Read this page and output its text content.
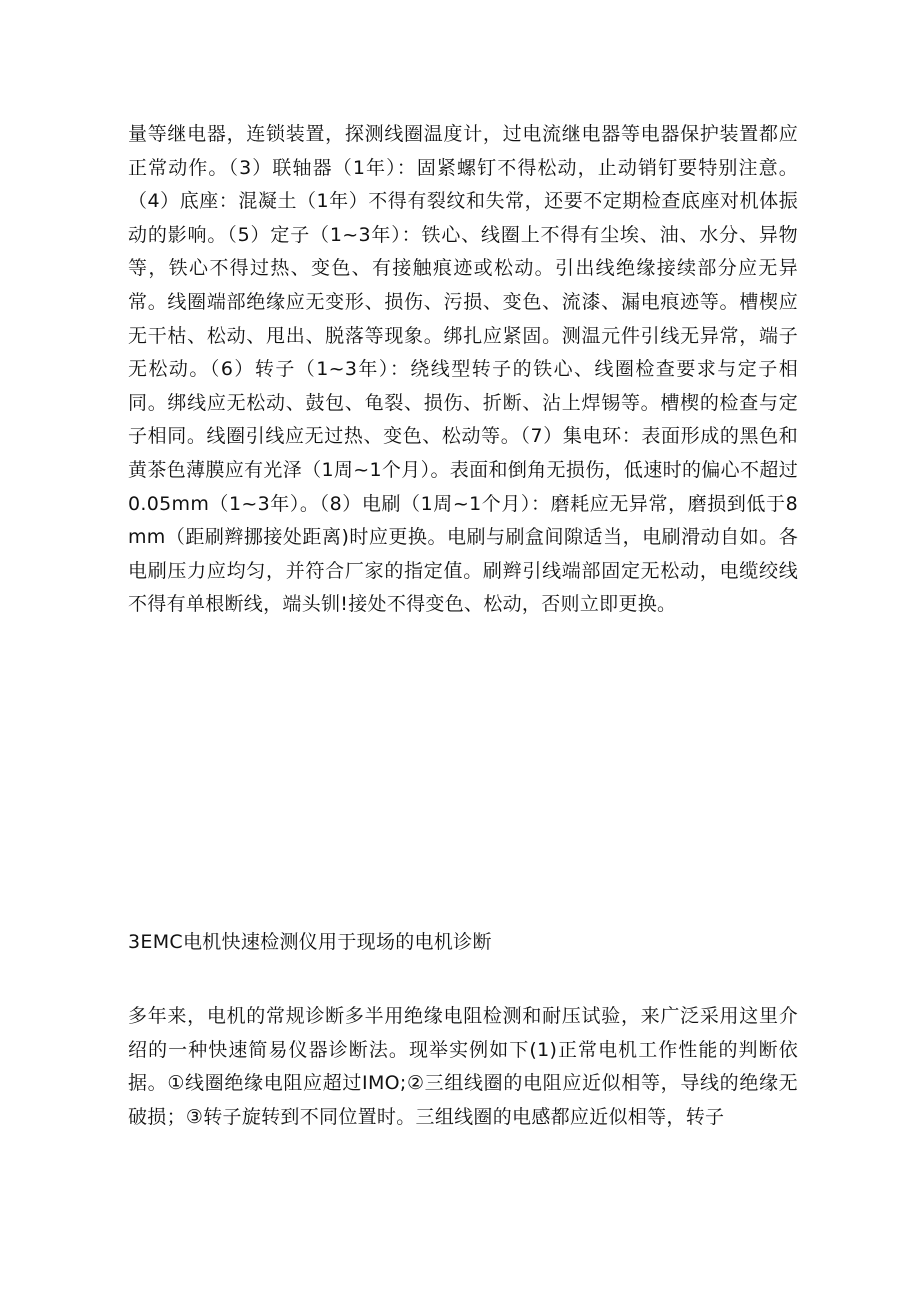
量等继电器，连锁装置，探测线圈温度计，过电流继电器等电器保护装置都应正常动作。（3）联轴器（1年）：固紧螺钉不得松动，止动销钉要特别注意。（4）底座：混凝土（1年）不得有裂纹和失常，还要不定期检查底座对机体振动的影响。（5）定子（1~3年）：铁心、线圈上不得有尘埃、油、水分、异物等，铁心不得过热、变色、有接触痕迹或松动。引出线绝缘接续部分应无异常。线圈端部绝缘应无变形、损伤、污损、变色、流漆、漏电痕迹等。槽楔应无干枯、松动、甩出、脱落等现象。绑扎应紧固。测温元件引线无异常，端子无松动。（6）转子（1~3年）：绕线型转子的铁心、线圈检查要求与定子相同。绑线应无松动、鼓包、龟裂、损伤、折断、沾上焊锡等。槽楔的检查与定子相同。线圈引线应无过热、变色、松动等。（7）集电环：表面形成的黑色和黄茶色薄膜应有光泽（1周~1个月）。表面和倒角无损伤，低速时的偏心不超过0.05mm（1~3年）。（8）电刷（1周~1个月）：磨耗应无异常，磨损到低于8mm（距刷辫挪接处距离)时应更换。电刷与刷盒间隙适当，电刷滑动自如。各电刷压力应均匀，并符合厂家的指定值。刷辫引线端部固定无松动，电缆绞线不得有单根断线，端头钏!接处不得变色、松动，否则立即更换。

3EMC电机快速检测仪用于现场的电机诊断

多年来，电机的常规诊断多半用绝缘电阻检测和耐压试验，来广泛采用这里介绍的一种快速简易仪器诊断法。现举实例如下(1)正常电机工作性能的判断依据。①线圈绝缘电阻应超过IMO;②三组线圈的电阻应近似相等，导线的绝缘无破损；③转子旋转到不同位置时。三组线圈的电感都应近似相等，转子
